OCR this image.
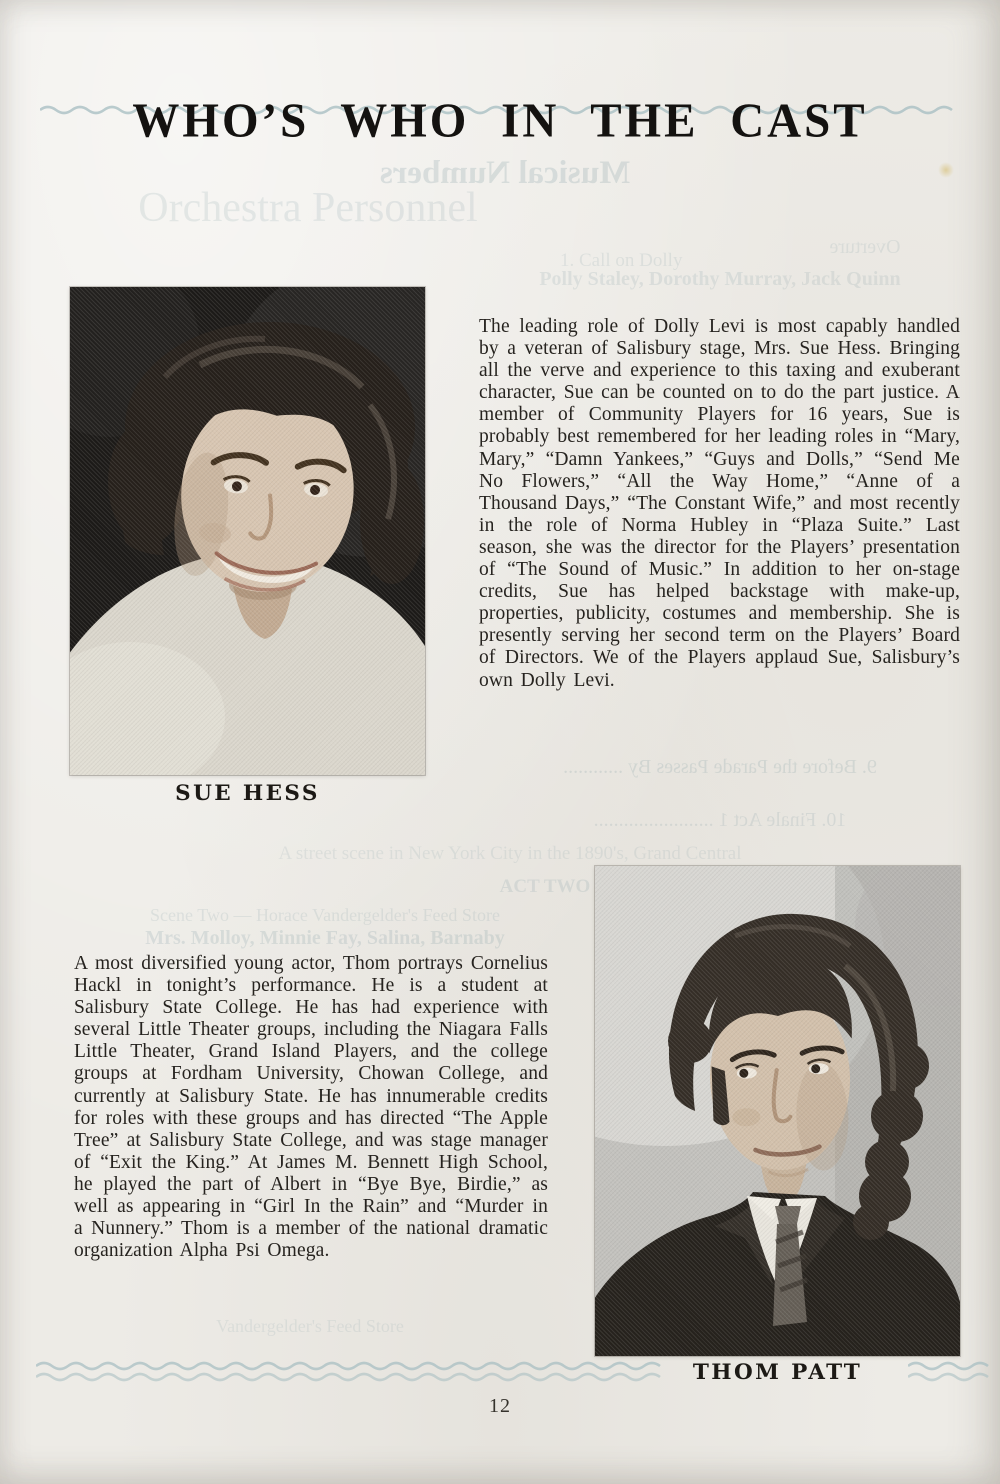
Musical Numbers
Orchestra Personnel
Overture
1. Call on Dolly
Polly Staley, Dorothy Murray, Jack Quinn
9. Before the Parade Passes By ............
10. Finale Act 1 ........................
A street scene in New York City in the 1890's, Grand Central
ACT TWO
Scene Two — Horace Vandergelder's Feed Store
Mrs. Molloy, Minnie Fay, Salina, Barnaby
Vandergelder's Feed Store
WHO’S WHO IN THE CAST
SUE HESS

The leading role of Dolly Levi is most capably handled by a veteran of Salisbury stage, Mrs. Sue Hess. Bringing all the verve and experience to this taxing and exuberant character, Sue can be counted on to do the part justice. A member of Community Players for 16 years, Sue is probably best remembered for her leading roles in “Mary, Mary,” “Damn Yankees,” “Guys and Dolls,” “Send Me No Flowers,” “All the Way Home,” “Anne of a Thousand Days,” “The Constant Wife,” and most recently in the role of Norma Hubley in “Plaza Suite.” Last season, she was the director for the Players’ presentation of “The Sound of Music.” In addition to her on-stage credits, Sue has helped backstage with make-up, properties, publicity, costumes and membership. She is presently serving her second term on the Players’ Board of Directors. We of the Players applaud Sue, Salisbury’s own Dolly Levi.

A most diversified young actor, Thom portrays Cornelius Hackl in tonight’s performance. He is a student at Salisbury State College. He has had experience with several Little Theater groups, including the Niagara Falls Little Theater, Grand Island Players, and the college groups at Fordham University, Chowan College, and currently at Salisbury State. He has innumerable credits for roles with these groups and has directed “The Apple Tree” at Salisbury State College, and was stage manager of “Exit the King.” At James M. Bennett High School, he played the part of Albert in “Bye Bye, Birdie,” as well as appearing in “Girl In the Rain” and “Murder in a Nunnery.” Thom is a member of the national dramatic organization Alpha Psi Omega.

THOM PATT
12
